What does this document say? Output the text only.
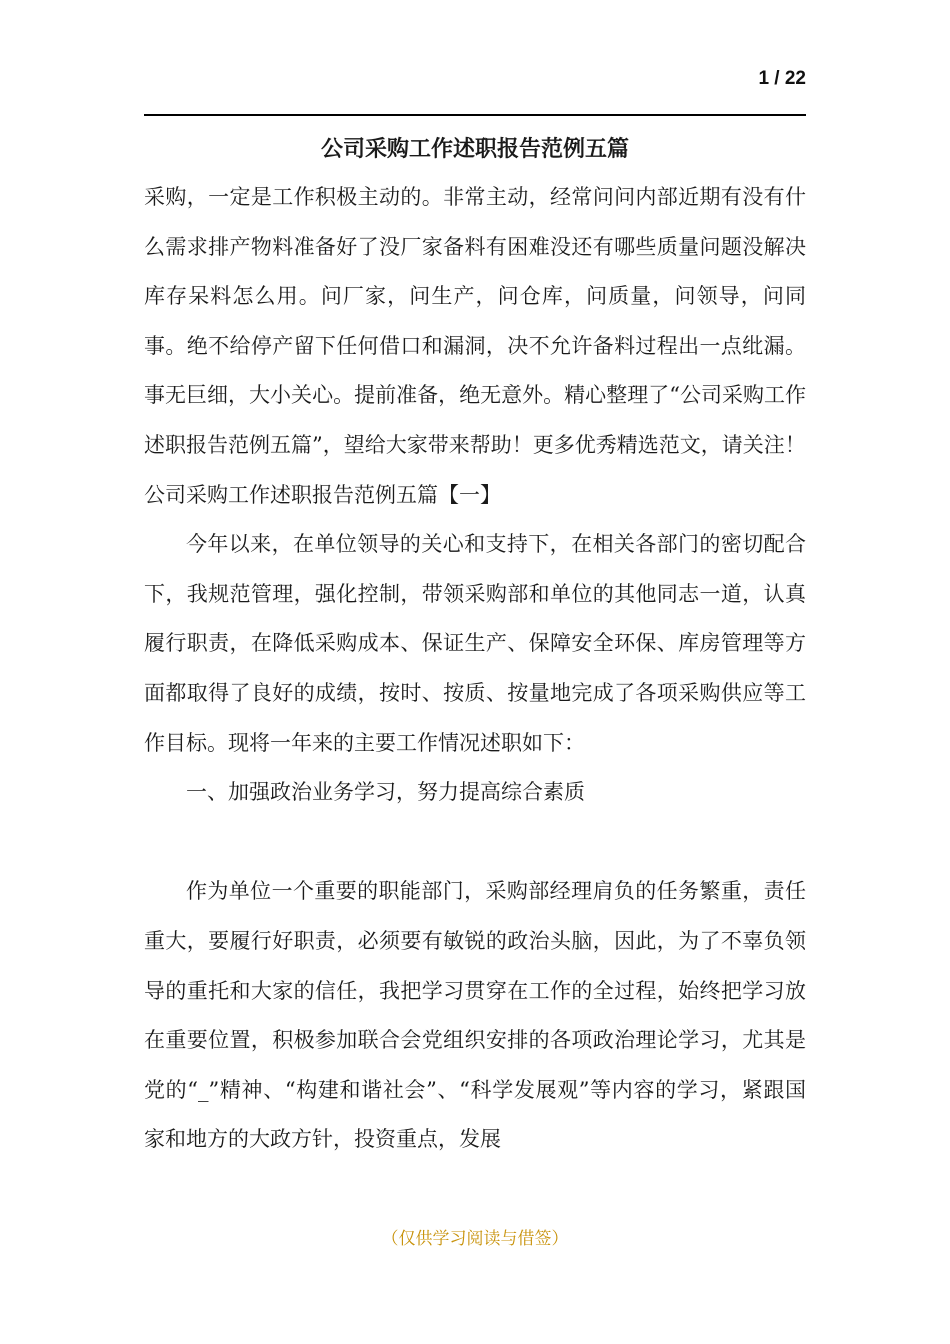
1 / 22
公司采购工作述职报告范例五篇

采购，一定是工作积极主动的。非常主动，经常问问内部近期有没有什么需求排产物料准备好了没厂家备料有困难没还有哪些质量问题没解决库存呆料怎么用。问厂家，问生产，问仓库，问质量，问领导，问同事。绝不给停产留下任何借口和漏洞，决不允许备料过程出一点纰漏。事无巨细，大小关心。提前准备，绝无意外。精心整理了“公司采购工作述职报告范例五篇”，望给大家带来帮助！更多优秀精选范文，请关注！

公司采购工作述职报告范例五篇【一】

今年以来，在单位领导的关心和支持下，在相关各部门的密切配合下，我规范管理，强化控制，带领采购部和单位的其他同志一道，认真履行职责，在降低采购成本、保证生产、保障安全环保、库房管理等方面都取得了良好的成绩，按时、按质、按量地完成了各项采购供应等工作目标。现将一年来的主要工作情况述职如下：

一、加强政治业务学习，努力提高综合素质

作为单位一个重要的职能部门，采购部经理肩负的任务繁重，责任重大，要履行好职责，必须要有敏锐的政治头脑，因此，为了不辜负领导的重托和大家的信任，我把学习贯穿在工作的全过程，始终把学习放在重要位置，积极参加联合会党组织安排的各项政治理论学习，尤其是党的“_”精神、“构建和谐社会”、“科学发展观”等内容的学习，紧跟国家和地方的大政方针，投资重点，发展

（仅供学习阅读与借签）
